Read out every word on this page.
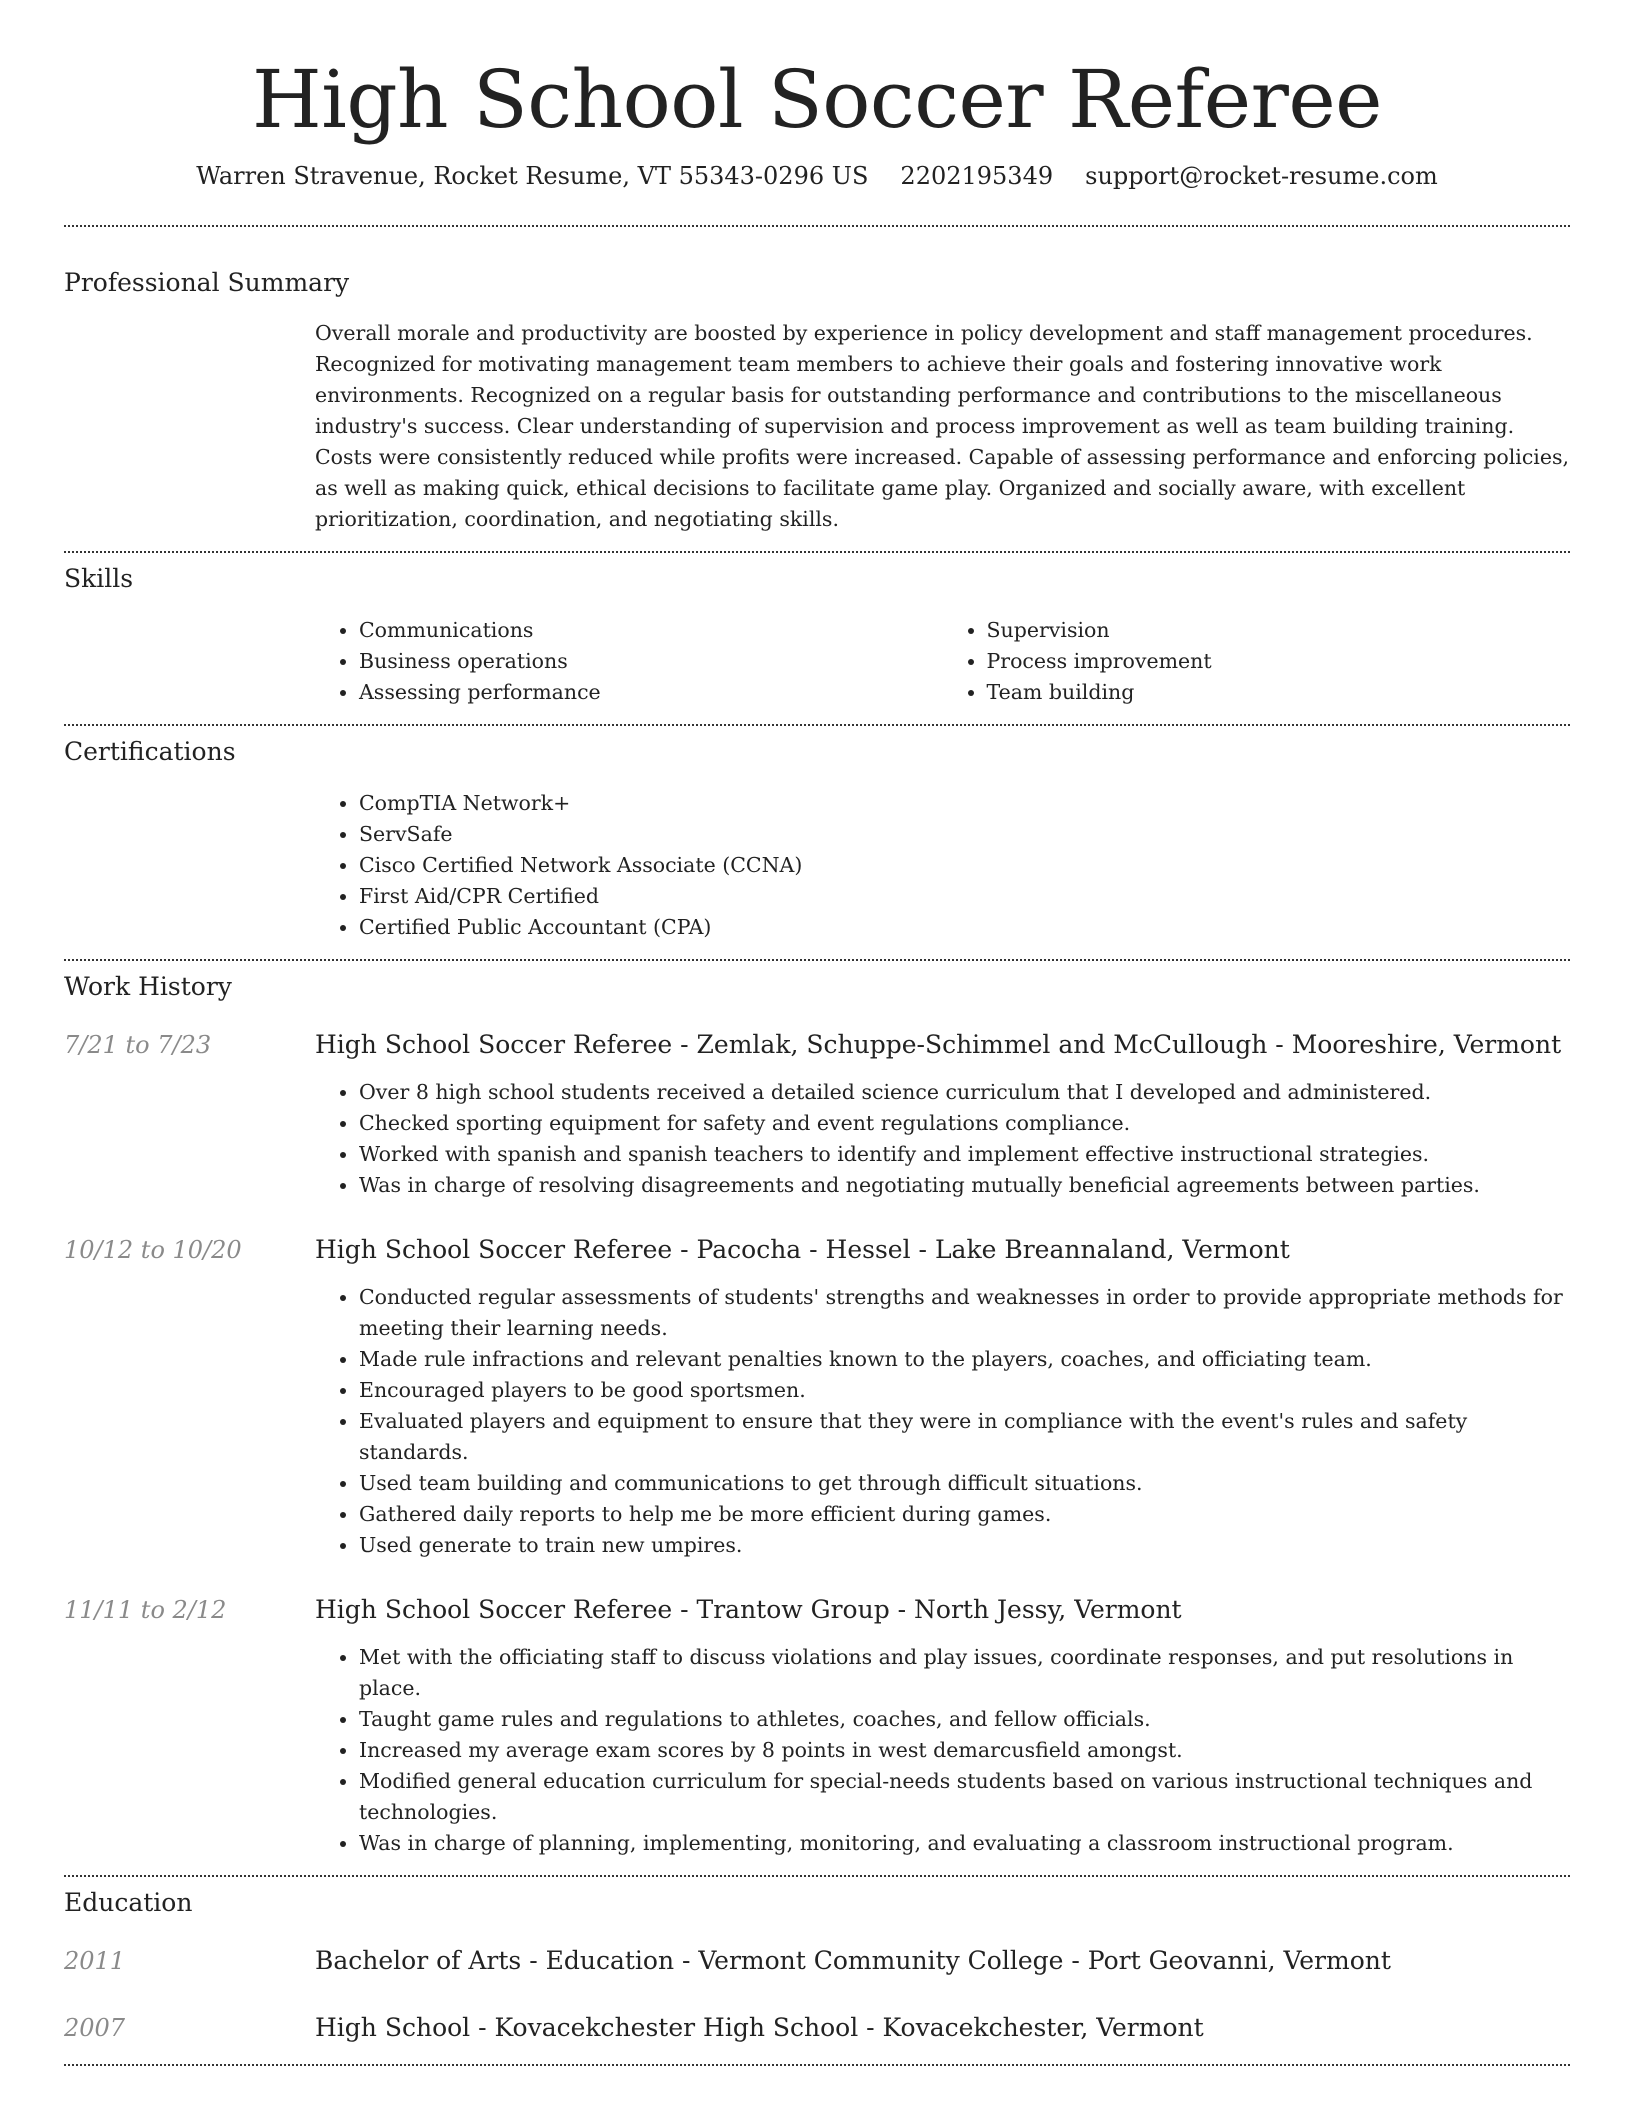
High School Soccer Referee
Warren Stravenue, Rocket Resume, VT 55343-0296 US 2202195349 support@rocket-resume.com
Professional Summary

Overall morale and productivity are boosted by experience in policy development and staff management procedures. Recognized for motivating management team members to achieve their goals and fostering innovative work environments. Recognized on a regular basis for outstanding performance and contributions to the miscellaneous industry's success. Clear understanding of supervision and process improvement as well as team building training. Costs were consistently reduced while profits were increased. Capable of assessing performance and enforcing policies, as well as making quick, ethical decisions to facilitate game play. Organized and socially aware, with excellent prioritization, coordination, and negotiating skills.

Skills
• Communications
• Business operations
• Assessing performance
• Supervision
• Process improvement
• Team building
Certifications
• CompTIA Network+
• ServSafe
• Cisco Certified Network Associate (CCNA)
• First Aid/CPR Certified
• Certified Public Accountant (CPA)
Work History
7/21 to 7/23	High School Soccer Referee - Zemlak, Schuppe-Schimmel and McCullough - Mooreshire, Vermont
• Over 8 high school students received a detailed science curriculum that I developed and administered.
• Checked sporting equipment for safety and event regulations compliance.
• Worked with spanish and spanish teachers to identify and implement effective instructional strategies.
• Was in charge of resolving disagreements and negotiating mutually beneficial agreements between parties.
10/12 to 10/20	High School Soccer Referee - Pacocha - Hessel - Lake Breannaland, Vermont
• Conducted regular assessments of students' strengths and weaknesses in order to provide appropriate methods for meeting their learning needs.
• Made rule infractions and relevant penalties known to the players, coaches, and officiating team.
• Encouraged players to be good sportsmen.
• Evaluated players and equipment to ensure that they were in compliance with the event's rules and safety standards.
• Used team building and communications to get through difficult situations.
• Gathered daily reports to help me be more efficient during games.
• Used generate to train new umpires.
11/11 to 2/12	High School Soccer Referee - Trantow Group - North Jessy, Vermont
• Met with the officiating staff to discuss violations and play issues, coordinate responses, and put resolutions in place.
• Taught game rules and regulations to athletes, coaches, and fellow officials.
• Increased my average exam scores by 8 points in west demarcusfield amongst.
• Modified general education curriculum for special-needs students based on various instructional techniques and technologies.
• Was in charge of planning, implementing, monitoring, and evaluating a classroom instructional program.
Education
2011	Bachelor of Arts - Education - Vermont Community College - Port Geovanni, Vermont
2007	High School - Kovacekchester High School - Kovacekchester, Vermont
